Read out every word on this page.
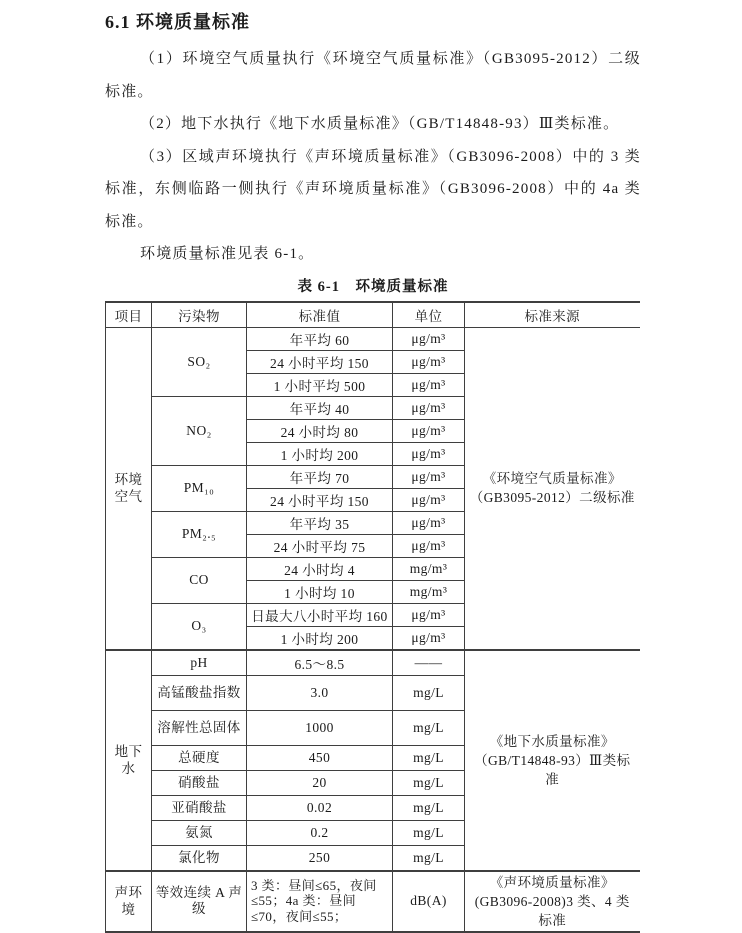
6.1 环境质量标准

（1）环境空气质量执行《环境空气质量标准》（GB3095-2012）二级标准。

（2）地下水执行《地下水质量标准》（GB/T14848-93）Ⅲ类标准。

（3）区域声环境执行《声环境质量标准》（GB3096-2008）中的 3 类标准，东侧临路一侧执行《声环境质量标准》（GB3096-2008）中的 4a 类标准。

环境质量标准见表 6-1。

表 6-1　环境质量标准
项目	污染物	标准值	单位	标准来源
环境空气	SO₂	年平均 60	μg/m³	《环境空气质量标准》（GB3095-2012）二级标准
		24 小时平均 150	μg/m³	
		1 小时平均 500	μg/m³	
	NO₂	年平均 40	μg/m³	
		24 小时均 80	μg/m³	
		1 小时均 200	μg/m³	
	PM₁₀	年平均 70	μg/m³	
		24 小时平均 150	μg/m³	
	PM₂.₅	年平均 35	μg/m³	
		24 小时平均 75	μg/m³	
	CO	24 小时均 4	mg/m³	
		1 小时均 10	mg/m³	
	O₃	日最大八小时平均 160	μg/m³	
		1 小时均 200	μg/m³	
地下水	pH	6.5～8.5	——	《地下水质量标准》（GB/T14848-93）Ⅲ类标准
	高锰酸盐指数	3.0	mg/L	
	溶解性总固体	1000	mg/L	
	总硬度	450	mg/L	
	硝酸盐	20	mg/L	
	亚硝酸盐	0.02	mg/L	
	氨氮	0.2	mg/L	
	氯化物	250	mg/L	
声环境	等效连续 A 声级	3 类：昼间≤65，夜间≤55；4a 类：昼间≤70，夜间≤55；	dB(A)	《声环境质量标准》(GB3096-2008)3 类、4 类标准
